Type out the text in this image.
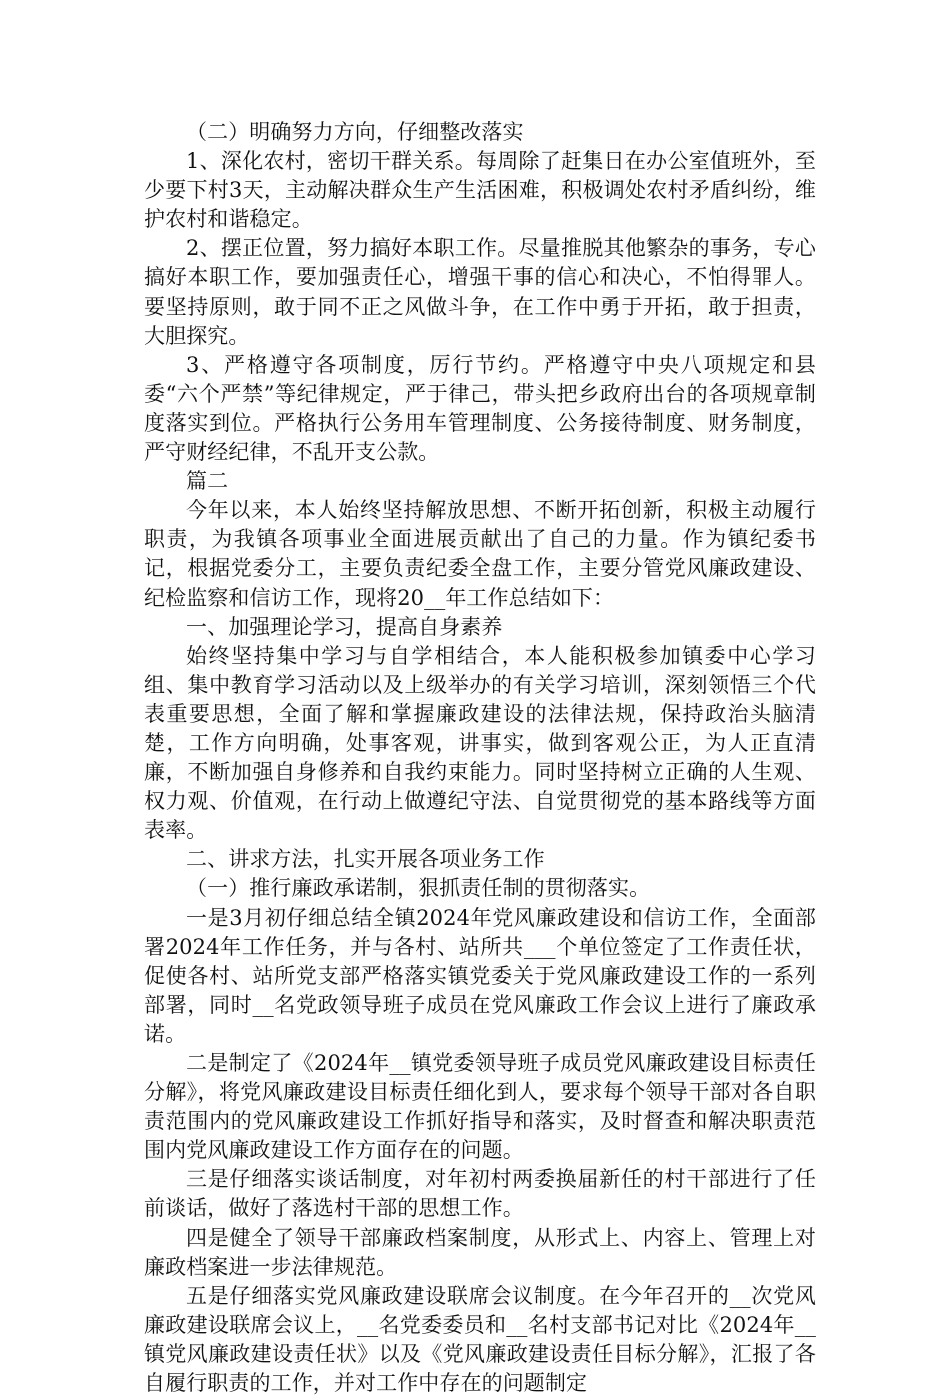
（二）明确努力方向，仔细整改落实

1、深化农村，密切干群关系。每周除了赶集日在办公室值班外，至少要下村3天，主动解决群众生产生活困难，积极调处农村矛盾纠纷，维护农村和谐稳定。

2、摆正位置，努力搞好本职工作。尽量推脱其他繁杂的事务，专心搞好本职工作，要加强责任心，增强干事的信心和决心，不怕得罪人。要坚持原则，敢于同不正之风做斗争，在工作中勇于开拓，敢于担责，大胆探究。

3、严格遵守各项制度，厉行节约。严格遵守中央八项规定和县委“六个严禁”等纪律规定，严于律己，带头把乡政府出台的各项规章制度落实到位。严格执行公务用车管理制度、公务接待制度、财务制度，严守财经纪律，不乱开支公款。

篇二

今年以来，本人始终坚持解放思想、不断开拓创新，积极主动履行职责，为我镇各项事业全面进展贡献出了自己的力量。作为镇纪委书记，根据党委分工，主要负责纪委全盘工作，主要分管党风廉政建设、纪检监察和信访工作，现将20__年工作总结如下：

一、加强理论学习，提高自身素养

始终坚持集中学习与自学相结合，本人能积极参加镇委中心学习组、集中教育学习活动以及上级举办的有关学习培训，深刻领悟三个代表重要思想，全面了解和掌握廉政建设的法律法规，保持政治头脑清楚，工作方向明确，处事客观，讲事实，做到客观公正，为人正直清廉，不断加强自身修养和自我约束能力。同时坚持树立正确的人生观、权力观、价值观，在行动上做遵纪守法、自觉贯彻党的基本路线等方面表率。

二、讲求方法，扎实开展各项业务工作

（一）推行廉政承诺制，狠抓责任制的贯彻落实。

一是3月初仔细总结全镇2024年党风廉政建设和信访工作，全面部署2024年工作任务，并与各村、站所共___个单位签定了工作责任状，促使各村、站所党支部严格落实镇党委关于党风廉政建设工作的一系列部署，同时__名党政领导班子成员在党风廉政工作会议上进行了廉政承诺。

二是制定了《2024年__镇党委领导班子成员党风廉政建设目标责任分解》，将党风廉政建设目标责任细化到人，要求每个领导干部对各自职责范围内的党风廉政建设工作抓好指导和落实，及时督查和解决职责范围内党风廉政建设工作方面存在的问题。

三是仔细落实谈话制度，对年初村两委换届新任的村干部进行了任前谈话，做好了落选村干部的思想工作。

四是健全了领导干部廉政档案制度，从形式上、内容上、管理上对廉政档案进一步法律规范。

五是仔细落实党风廉政建设联席会议制度。在今年召开的__次党风廉政建设联席会议上，__名党委委员和__名村支部书记对比《2024年__镇党风廉政建设责任状》以及《党风廉政建设责任目标分解》，汇报了各自履行职责的工作，并对工作中存在的问题制定
